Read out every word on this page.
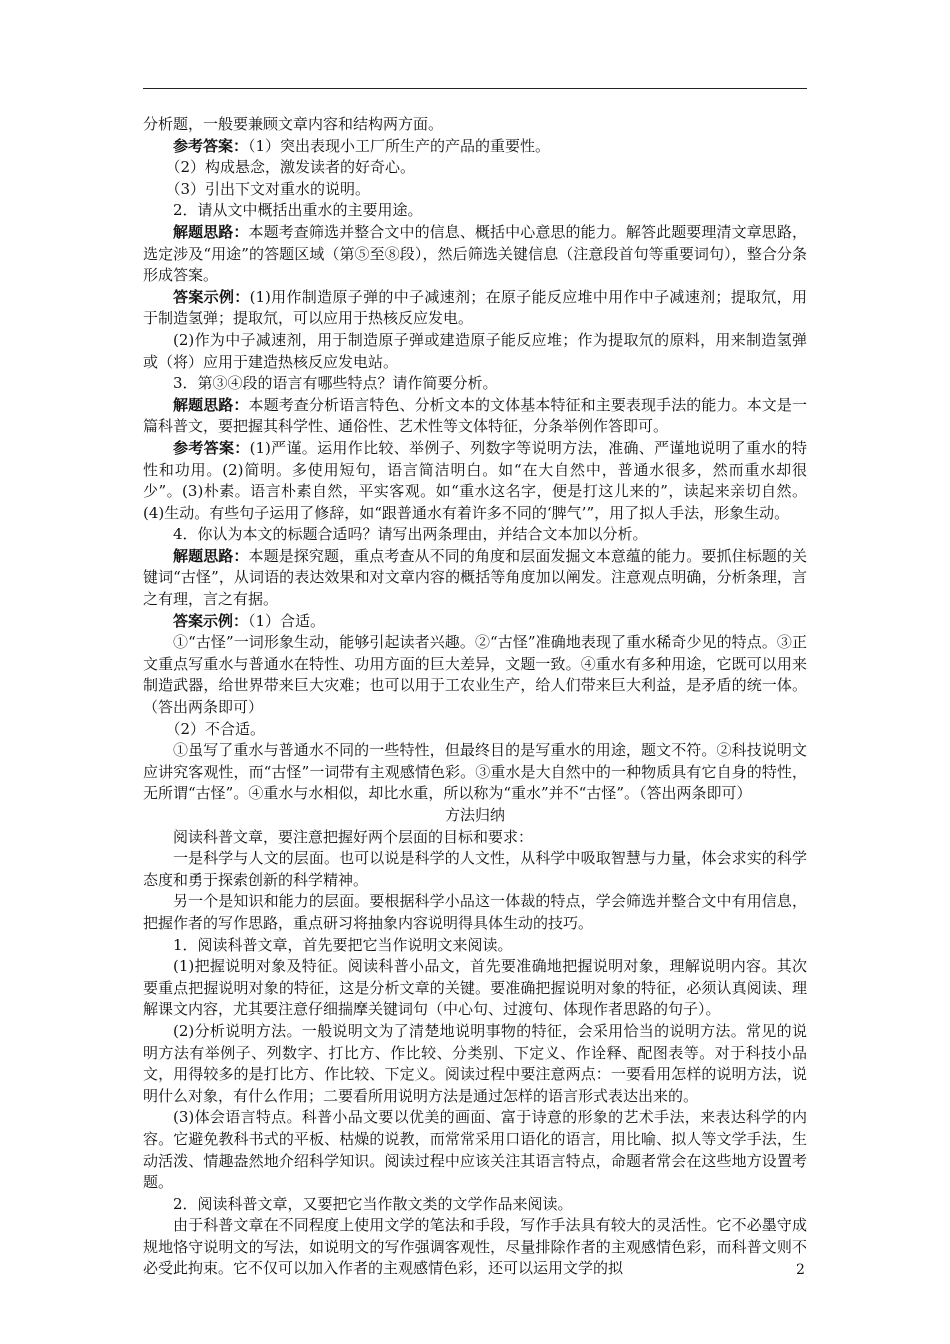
分析题，一般要兼顾文章内容和结构两方面。

参考答案：（1）突出表现小工厂所生产的产品的重要性。

（2）构成悬念，激发读者的好奇心。

（3）引出下文对重水的说明。

2．请从文中概括出重水的主要用途。

解题思路：本题考查筛选并整合文中的信息、概括中心意思的能力。解答此题要理清文章思路，选定涉及“用途”的答题区域（第⑤至⑧段），然后筛选关键信息（注意段首句等重要词句），整合分条形成答案。

答案示例：(1)用作制造原子弹的中子减速剂；在原子能反应堆中用作中子减速剂；提取氘，用于制造氢弹；提取氘，可以应用于热核反应发电。

(2)作为中子减速剂，用于制造原子弹或建造原子能反应堆；作为提取氘的原料，用来制造氢弹或（将）应用于建造热核反应发电站。

3．第③④段的语言有哪些特点？请作简要分析。

解题思路：本题考查分析语言特色、分析文本的文体基本特征和主要表现手法的能力。本文是一篇科普文，要把握其科学性、通俗性、艺术性等文体特征，分条举例作答即可。

参考答案：(1)严谨。运用作比较、举例子、列数字等说明方法，准确、严谨地说明了重水的特性和功用。(2)简明。多使用短句，语言简洁明白。如“在大自然中，普通水很多，然而重水却很少”。(3)朴素。语言朴素自然，平实客观。如“重水这名字，便是打这儿来的”，读起来亲切自然。(4)生动。有些句子运用了修辞，如“跟普通水有着许多不同的‘脾气’”，用了拟人手法，形象生动。

4．你认为本文的标题合适吗？请写出两条理由，并结合文本加以分析。

解题思路：本题是探究题，重点考查从不同的角度和层面发掘文本意蕴的能力。要抓住标题的关键词“古怪”，从词语的表达效果和对文章内容的概括等角度加以阐发。注意观点明确，分析条理，言之有理，言之有据。

答案示例：（1）合适。

①“古怪”一词形象生动，能够引起读者兴趣。②“古怪”准确地表现了重水稀奇少见的特点。③正文重点写重水与普通水在特性、功用方面的巨大差异，文题一致。④重水有多种用途，它既可以用来制造武器，给世界带来巨大灾难；也可以用于工农业生产，给人们带来巨大利益，是矛盾的统一体。（答出两条即可）

（2）不合适。

①虽写了重水与普通水不同的一些特性，但最终目的是写重水的用途，题文不符。②科技说明文应讲究客观性，而“古怪”一词带有主观感情色彩。③重水是大自然中的一种物质具有它自身的特性，无所谓“古怪”。④重水与水相似，却比水重，所以称为“重水”并不“古怪”。（答出两条即可）

方法归纳

阅读科普文章，要注意把握好两个层面的目标和要求：

一是科学与人文的层面。也可以说是科学的人文性，从科学中吸取智慧与力量，体会求实的科学态度和勇于探索创新的科学精神。

另一个是知识和能力的层面。要根据科学小品这一体裁的特点，学会筛选并整合文中有用信息，把握作者的写作思路，重点研习将抽象内容说明得具体生动的技巧。

1．阅读科普文章，首先要把它当作说明文来阅读。

(1)把握说明对象及特征。阅读科普小品文，首先要准确地把握说明对象，理解说明内容。其次要重点把握说明对象的特征，这是分析文章的关键。要准确把握说明对象的特征，必须认真阅读、理解课文内容，尤其要注意仔细揣摩关键词句（中心句、过渡句、体现作者思路的句子）。

(2)分析说明方法。一般说明文为了清楚地说明事物的特征，会采用恰当的说明方法。常见的说明方法有举例子、列数字、打比方、作比较、分类别、下定义、作诠释、配图表等。对于科技小品文，用得较多的是打比方、作比较、下定义。阅读过程中要注意两点：一要看用怎样的说明方法，说明什么对象，有什么作用；二要看所用说明方法是通过怎样的语言形式表达出来的。

(3)体会语言特点。科普小品文要以优美的画面、富于诗意的形象的艺术手法，来表达科学的内容。它避免教科书式的平板、枯燥的说教，而常常采用口语化的语言，用比喻、拟人等文学手法，生动活泼、情趣盎然地介绍科学知识。阅读过程中应该关注其语言特点，命题者常会在这些地方设置考题。

2．阅读科普文章，又要把它当作散文类的文学作品来阅读。

由于科普文章在不同程度上使用文学的笔法和手段，写作手法具有较大的灵活性。它不必墨守成规地恪守说明文的写法，如说明文的写作强调客观性，尽量排除作者的主观感情色彩，而科普文则不必受此拘束。它不仅可以加入作者的主观感情色彩，还可以运用文学的拟	2
